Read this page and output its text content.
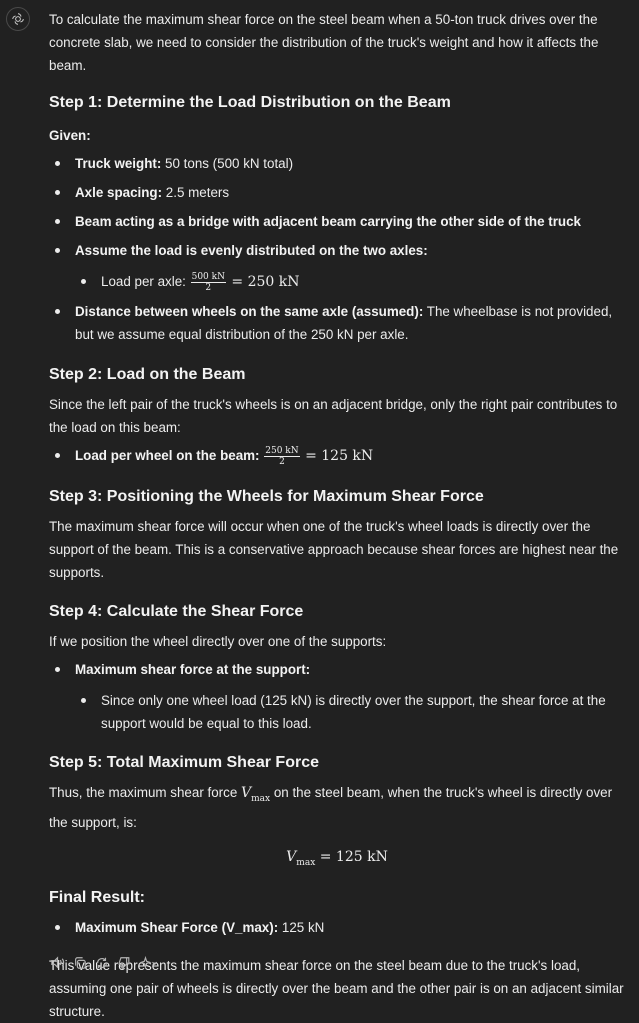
To calculate the maximum shear force on the steel beam when a 50-ton truck drives over the concrete slab, we need to consider the distribution of the truck's weight and how it affects the beam.

Step 1: Determine the Load Distribution on the Beam

Given:

Truck weight: 50 tons (500 kN total)
Axle spacing: 2.5 meters
Beam acting as a bridge with adjacent beam carrying the other side of the truck
Assume the load is evenly distributed on the two axles:
Load per axle: $\frac{500 kN}{2} = 250$ kN
Distance between wheels on the same axle (assumed): The wheelbase is not provided, but we assume equal distribution of the 250 kN per axle.
Step 2: Load on the Beam

Since the left pair of the truck's wheels is on an adjacent bridge, only the right pair contributes to the load on this beam:

Load per wheel on the beam: $\frac{250 kN}{2} = 125$ kN
Step 3: Positioning the Wheels for Maximum Shear Force

The maximum shear force will occur when one of the truck's wheel loads is directly over the support of the beam. This is a conservative approach because shear forces are highest near the supports.

Step 4: Calculate the Shear Force

If we position the wheel directly over one of the supports:

Maximum shear force at the support:
Since only one wheel load (125 kN) is directly over the support, the shear force at the support would be equal to this load.
Step 5: Total Maximum Shear Force

Thus, the maximum shear force $V_{max}$ on the steel beam, when the truck's wheel is directly over the support, is:

$V_{max} = 125$ kN

Final Result:
Maximum Shear Force (V_max): 125 kN

This value represents the maximum shear force on the steel beam due to the truck's load, assuming one pair of wheels is directly over the beam and the other pair is on an adjacent similar structure.
